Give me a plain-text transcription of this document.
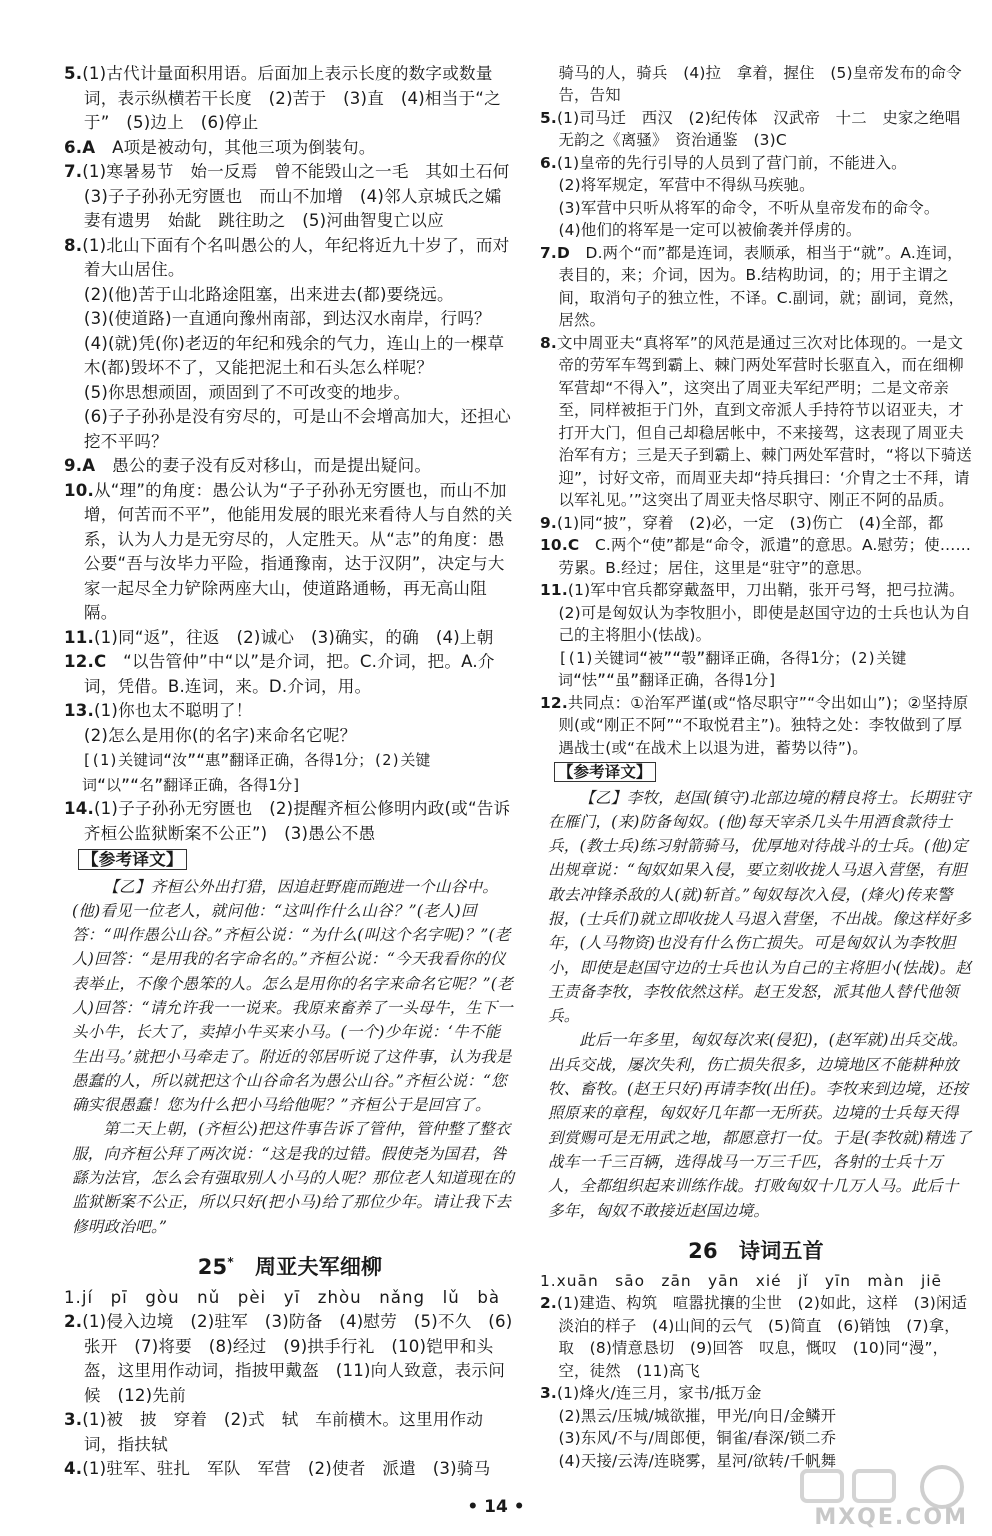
5.(1)古代计量面积用语。后面加上表示长度的数字或数量词，表示纵横若干长度　(2)苦于　(3)直　(4)相当于“之于”　(5)边上　(6)停止

6.A　A项是被动句，其他三项为倒装句。

7.(1)寒暑易节　始一反焉　曾不能毁山之一毛　其如土石何　(3)子子孙孙无穷匮也　而山不加增　(4)邻人京城氏之孀妻有遗男　始龀　跳往助之　(5)河曲智叟亡以应

8.(1)北山下面有个名叫愚公的人，年纪将近九十岁了，而对着大山居住。

(2)(他)苦于山北路途阻塞，出来进去(都)要绕远。

(3)(使道路)一直通向豫州南部，到达汉水南岸，行吗？

(4)(就)凭(你)老迈的年纪和残余的气力，连山上的一棵草木(都)毁坏不了，又能把泥土和石头怎么样呢？

(5)你思想顽固，顽固到了不可改变的地步。

(6)子子孙孙是没有穷尽的，可是山不会增高加大，还担心挖不平吗？

9.A　愚公的妻子没有反对移山，而是提出疑问。

10.从“理”的角度：愚公认为“子子孙孙无穷匮也，而山不加增，何苦而不平”，他能用发展的眼光来看待人与自然的关系，认为人力是无穷尽的，人定胜天。从“志”的角度：愚公要“吾与汝毕力平险，指通豫南，达于汉阴”，决定与大家一起尽全力铲除两座大山，使道路通畅，再无高山阻隔。

11.(1)同“返”，往返　(2)诚心　(3)确实，的确　(4)上朝

12.C　“以告管仲”中“以”是介词，把。C.介词，把。A.介词，凭借。B.连词，来。D.介词，用。

13.(1)你也太不聪明了！

(2)怎么是用你(的名字)来命名它呢？

[(1)关键词“汝”“惠”翻译正确，各得1分；(2)关键词“以”“名”翻译正确，各得1分]

14.(1)子子孙孙无穷匮也　(2)提醒齐桓公修明内政(或“告诉齐桓公监狱断案不公正”)　(3)愚公不愚

【参考译文】

【乙】齐桓公外出打猎，因追赶野鹿而跑进一个山谷中。(他)看见一位老人，就问他：“这叫作什么山谷？”(老人)回答：“叫作愚公山谷。”齐桓公说：“为什么(叫这个名字呢)？”(老人)回答：“是用我的名字命名的。”齐桓公说：“今天我看你的仪表举止，不像个愚笨的人。怎么是用你的名字来命名它呢？”(老人)回答：“请允许我一一说来。我原来畜养了一头母牛，生下一头小牛，长大了，卖掉小牛买来小马。(一个)少年说：‘牛不能生出马。’就把小马牵走了。附近的邻居听说了这件事，认为我是愚蠢的人，所以就把这个山谷命名为愚公山谷。”齐桓公说：“您确实很愚蠢！您为什么把小马给他呢？”齐桓公于是回宫了。

第二天上朝，(齐桓公)把这件事告诉了管仲，管仲整了整衣服，向齐桓公拜了两次说：“这是我的过错。假使尧为国君，咎繇为法官，怎么会有强取别人小马的人呢？那位老人知道现在的监狱断案不公正，所以只好(把小马)给了那位少年。请让我下去修明政治吧。”

25*　 周亚夫军细柳

1.jí　pī　gòu　nǔ　pèi　yī　zhòu　nǎng　lǔ　bà

2.(1)侵入边境　(2)驻军　(3)防备　(4)慰劳　(5)不久　(6)张开　(7)将要　(8)经过　(9)拱手行礼　(10)铠甲和头盔，这里用作动词，指披甲戴盔　(11)向人致意，表示问候　(12)先前

3.(1)被　披　穿着　(2)式　轼　车前横木。这里用作动词，指扶轼

4.(1)驻军、驻扎　军队　军营　(2)使者　派遣　(3)骑马

骑马的人，骑兵　(4)拉　拿着，握住　(5)皇帝发布的命令　告，告知

5.(1)司马迁　西汉　(2)纪传体　汉武帝　十二　史家之绝唱　无韵之《离骚》　资治通鉴　(3)C

6.(1)皇帝的先行引导的人员到了营门前，不能进入。

(2)将军规定，军营中不得纵马疾驰。

(3)军营中只听从将军的命令，不听从皇帝发布的命令。

(4)他们的将军是一定可以被偷袭并俘虏的。

7.D　D.两个“而”都是连词，表顺承，相当于“就”。A.连词，表目的，来；介词，因为。B.结构助词，的；用于主谓之间，取消句子的独立性，不译。C.副词，就；副词，竟然，居然。

8.文中周亚夫“真将军”的风范是通过三次对比体现的。一是文帝的劳军车驾到霸上、棘门两处军营时长驱直入，而在细柳军营却“不得入”，这突出了周亚夫军纪严明；二是文帝亲至，同样被拒于门外，直到文帝派人手持符节以诏亚夫，才打开大门，但自己却稳居帐中，不来接驾，这表现了周亚夫治军有方；三是天子到霸上、棘门两处军营时，“将以下骑送迎”，讨好文帝，而周亚夫却“持兵揖曰：‘介胄之士不拜，请以军礼见。’”这突出了周亚夫恪尽职守、刚正不阿的品质。

9.(1)同“披”，穿着　(2)必，一定　(3)伤亡　(4)全部，都

10.C　C.两个“使”都是“命令，派遣”的意思。A.慰劳；使……劳累。B.经过；居住，这里是“驻守”的意思。

11.(1)军中官兵都穿戴盔甲，刀出鞘，张开弓弩，把弓拉满。

(2)可是匈奴认为李牧胆小，即使是赵国守边的士兵也认为自己的主将胆小(怯战)。

[(1)关键词“被”“彀”翻译正确，各得1分；(2)关键词“怯”“虽”翻译正确，各得1分]

12.共同点：①治军严谨(或“恪尽职守”“令出如山”)；②坚持原则(或“刚正不阿”“不取悦君主”)。独特之处：李牧做到了厚遇战士(或“在战术上以退为进，蓄势以待”)。

【参考译文】

【乙】李牧，赵国(镇守)北部边境的精良将士。长期驻守在雁门，(来)防备匈奴。(他)每天宰杀几头牛用酒食款待士兵，(教士兵)练习射箭骑马，优厚地对待战斗的士兵。(他)定出规章说：“匈奴如果入侵，要立刻收拢人马退入营堡，有胆敢去冲锋杀敌的人(就)斩首。”匈奴每次入侵，(烽火)传来警报，(士兵们)就立即收拢人马退入营堡，不出战。像这样好多年，(人马物资)也没有什么伤亡损失。可是匈奴认为李牧胆小，即使是赵国守边的士兵也认为自己的主将胆小(怯战)。赵王责备李牧，李牧依然这样。赵王发怒，派其他人替代他领兵。

此后一年多里，匈奴每次来(侵犯)，(赵军就)出兵交战。出兵交战，屡次失利，伤亡损失很多，边境地区不能耕种放牧、畜牧。(赵王只好)再请李牧(出任)。李牧来到边境，还按照原来的章程，匈奴好几年都一无所获。边境的士兵每天得到赏赐可是无用武之地，都愿意打一仗。于是(李牧就)精选了战车一千三百辆，选得战马一万三千匹，各射的士兵十万人，全都组织起来训练作战。打败匈奴十几万人马。此后十多年，匈奴不敢接近赵国边境。

26　 诗词五首

1.xuān　sāo　zān　yān　xié　jǐ　yīn　màn　jiē

2.(1)建造、构筑　喧嚣扰攘的尘世　(2)如此，这样　(3)闲适淡泊的样子　(4)山间的云气　(5)简直　(6)销蚀　(7)拿，取　(8)情意恳切　(9)回答　叹息，慨叹　(10)同“漫”，空，徒然　(11)高飞

3.(1)烽火/连三月，家书/抵万金

(2)黑云/压城/城欲摧，甲光/向日/金鳞开

(3)东风/不与/周郎便，铜雀/春深/锁二乔

(4)天接/云涛/连晓雾，星河/欲转/千帆舞

• 14 •	MXQE.COM
